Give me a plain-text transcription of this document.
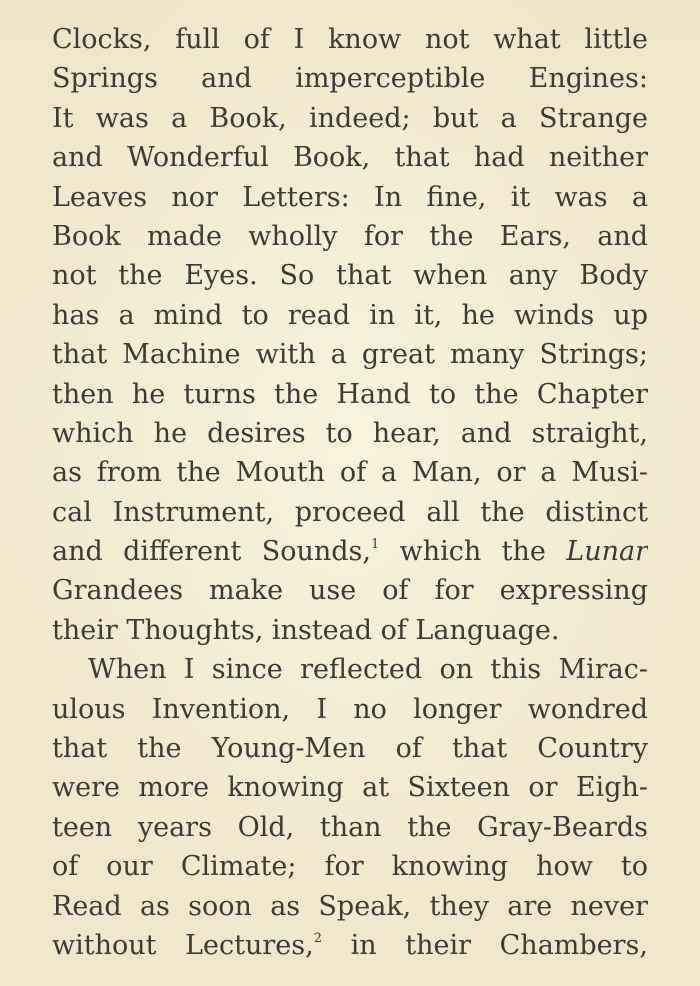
Clocks, full of I know not what little
Springs and imperceptible Engines:
It was a Book, indeed; but a Strange
and Wonderful Book, that had neither
Leaves nor Letters: In fine, it was a
Book made wholly for the Ears, and
not the Eyes. So that when any Body
has a mind to read in it, he winds up
that Machine with a great many Strings;
then he turns the Hand to the Chapter
which he desires to hear, and straight,
as from the Mouth of a Man, or a Musi-
cal Instrument, proceed all the distinct
and different Sounds,$^1$ which the Lunar
Grandees make use of for expressing
their Thoughts, instead of Language.
When I since reflected on this Mirac-
ulous Invention, I no longer wondred
that the Young-Men of that Country
were more knowing at Sixteen or Eigh-
teen years Old, than the Gray-Beards
of our Climate; for knowing how to
Read as soon as Speak, they are never
without Lectures,$^2$ in their Chambers,
